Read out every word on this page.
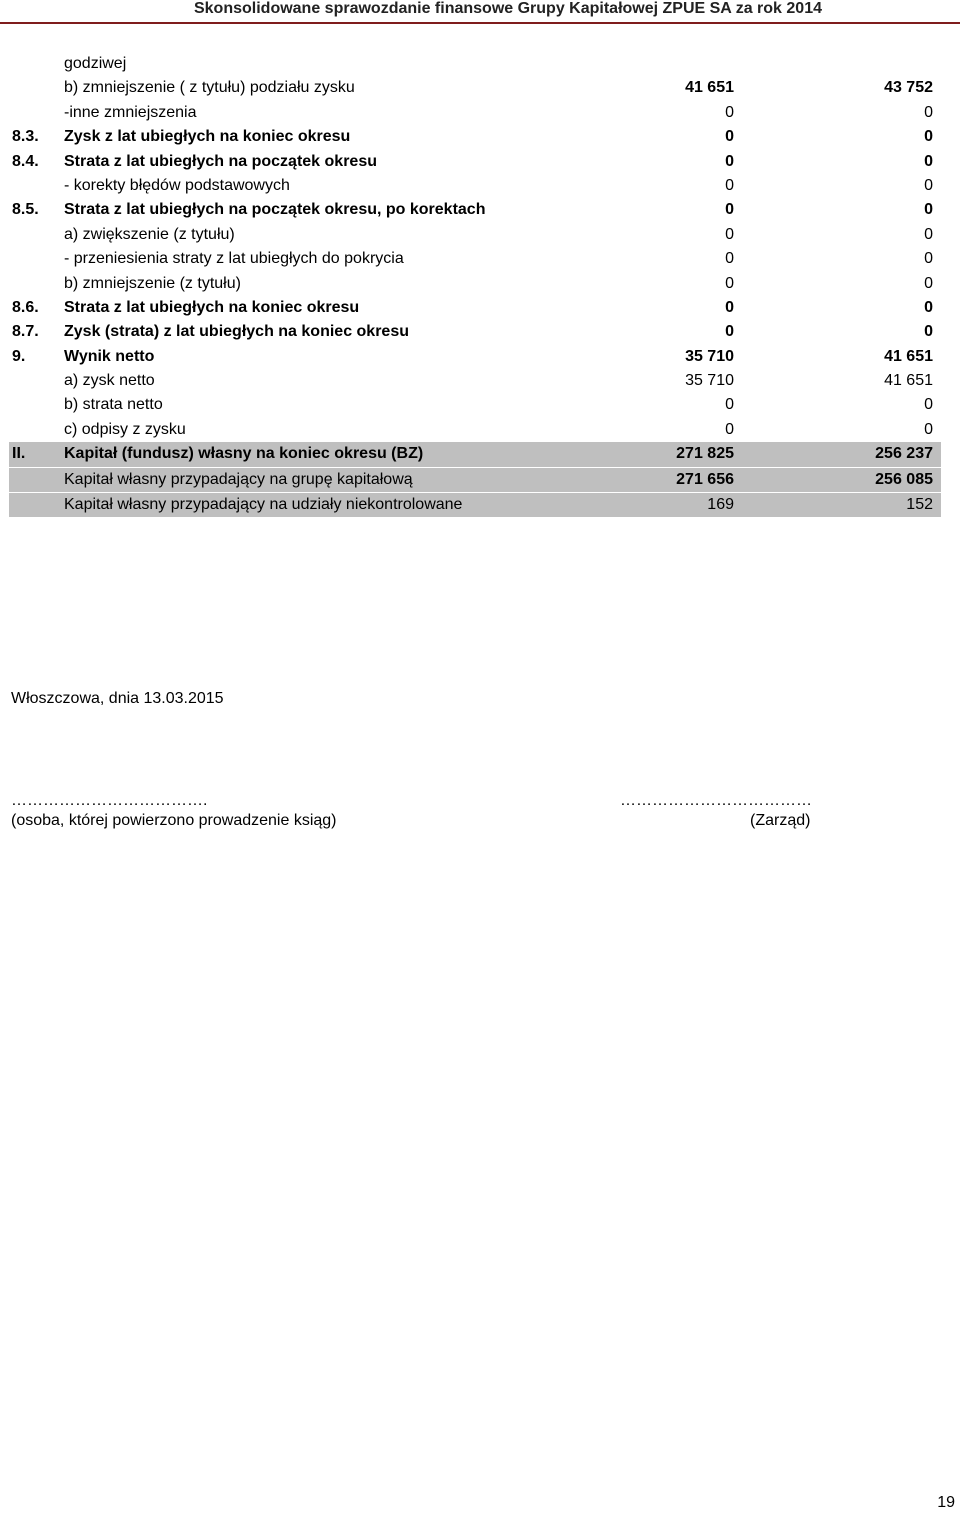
Skonsolidowane sprawozdanie finansowe Grupy Kapitałowej ZPUE SA za rok 2014
godziwej
b) zmniejszenie ( z tytułu) podziału zysku	41 651	43 752
-inne zmniejszenia	0	0
8.3. Zysk z lat ubiegłych na koniec okresu	0	0
8.4. Strata z lat ubiegłych na początek okresu	0	0
- korekty błędów podstawowych	0	0
8.5. Strata z lat ubiegłych na początek okresu, po korektach	0	0
a) zwiększenie (z tytułu)	0	0
- przeniesienia straty z lat ubiegłych do pokrycia	0	0
b) zmniejszenie (z tytułu)	0	0
8.6. Strata z lat ubiegłych na koniec okresu	0	0
8.7. Zysk (strata) z lat ubiegłych na koniec okresu	0	0
9. Wynik netto	35 710	41 651
a) zysk netto	35 710	41 651
b) strata netto	0	0
c) odpisy z zysku	0	0
II. Kapitał (fundusz) własny na koniec okresu (BZ)	271 825	256 237
Kapitał własny przypadający na grupę kapitałową	271 656	256 085
Kapitał własny przypadający na udziały niekontrolowane	169	152
Włoszczowa, dnia 13.03.2015
……………………………….
(osoba, której powierzono prowadzenie ksiąg)
………………………………
(Zarząd)
19
